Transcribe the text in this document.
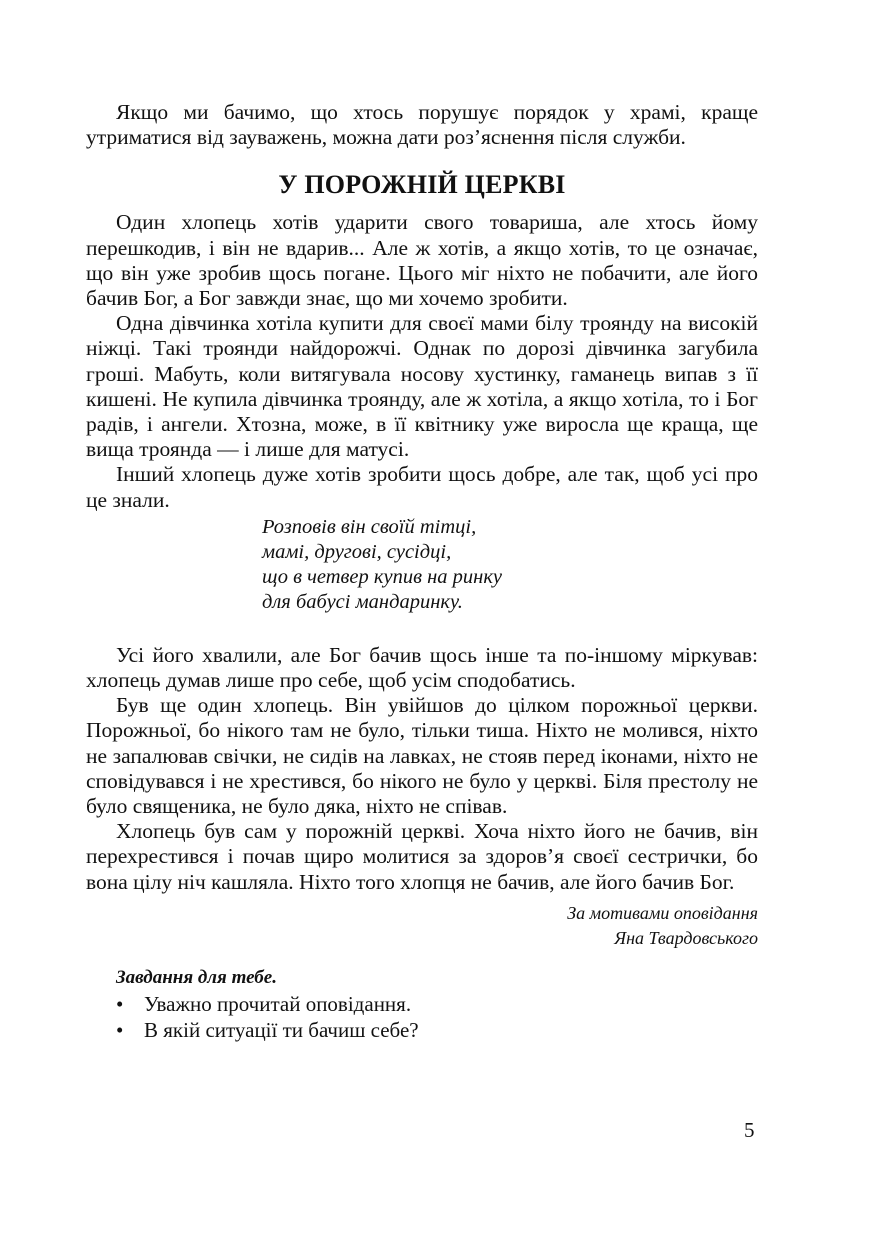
Якщо ми бачимо, що хтось порушує порядок у храмі, краще утриматися від зауважень, можна дати роз’яснення після служби.

У ПОРОЖНІЙ ЦЕРКВІ

Один хлопець хотів ударити свого товариша, але хтось йому перешкодив, і він не вдарив... Але ж хотів, а якщо хотів, то це означає, що він уже зробив щось погане. Цього міг ніхто не побачити, але його бачив Бог, а Бог завжди знає, що ми хочемо зробити.

Одна дівчинка хотіла купити для своєї мами білу троянду на високій ніжці. Такі троянди найдорожчі. Однак по дорозі дівчинка загубила гроші. Мабуть, коли витягувала носову хустинку, гаманець випав з її кишені. Не купила дівчинка троянду, але ж хотіла, а якщо хотіла, то і Бог радів, і ангели. Хтозна, може, в її квітнику уже виросла ще краща, ще вища троянда — і лише для матусі.

Інший хлопець дуже хотів зробити щось добре, але так, щоб усі про це знали.

Розповів він своїй тітці,
мамі, другові, сусідці,
що в четвер купив на ринку
для бабусі мандаринку.

Усі його хвалили, але Бог бачив щось інше та по-іншому міркував: хлопець думав лише про себе, щоб усім сподобатись.

Був ще один хлопець. Він увійшов до цілком порожньої церкви. Порожньої, бо нікого там не було, тільки тиша. Ніхто не молився, ніхто не запалював свічки, не сидів на лавках, не стояв перед іконами, ніхто не сповідувався і не хрестився, бо нікого не було у церкві. Біля престолу не було священика, не було дяка, ніхто не співав.

Хлопець був сам у порожній церкві. Хоча ніхто його не бачив, він перехрестився і почав щиро молитися за здоров’я своєї сестрички, бо вона цілу ніч кашляла. Ніхто того хлопця не бачив, але його бачив Бог.

За мотивами оповідання
Яна Твардовського
Завдання для тебе.
• Уважно прочитай оповідання.
• В якій ситуації ти бачиш себе?
5
